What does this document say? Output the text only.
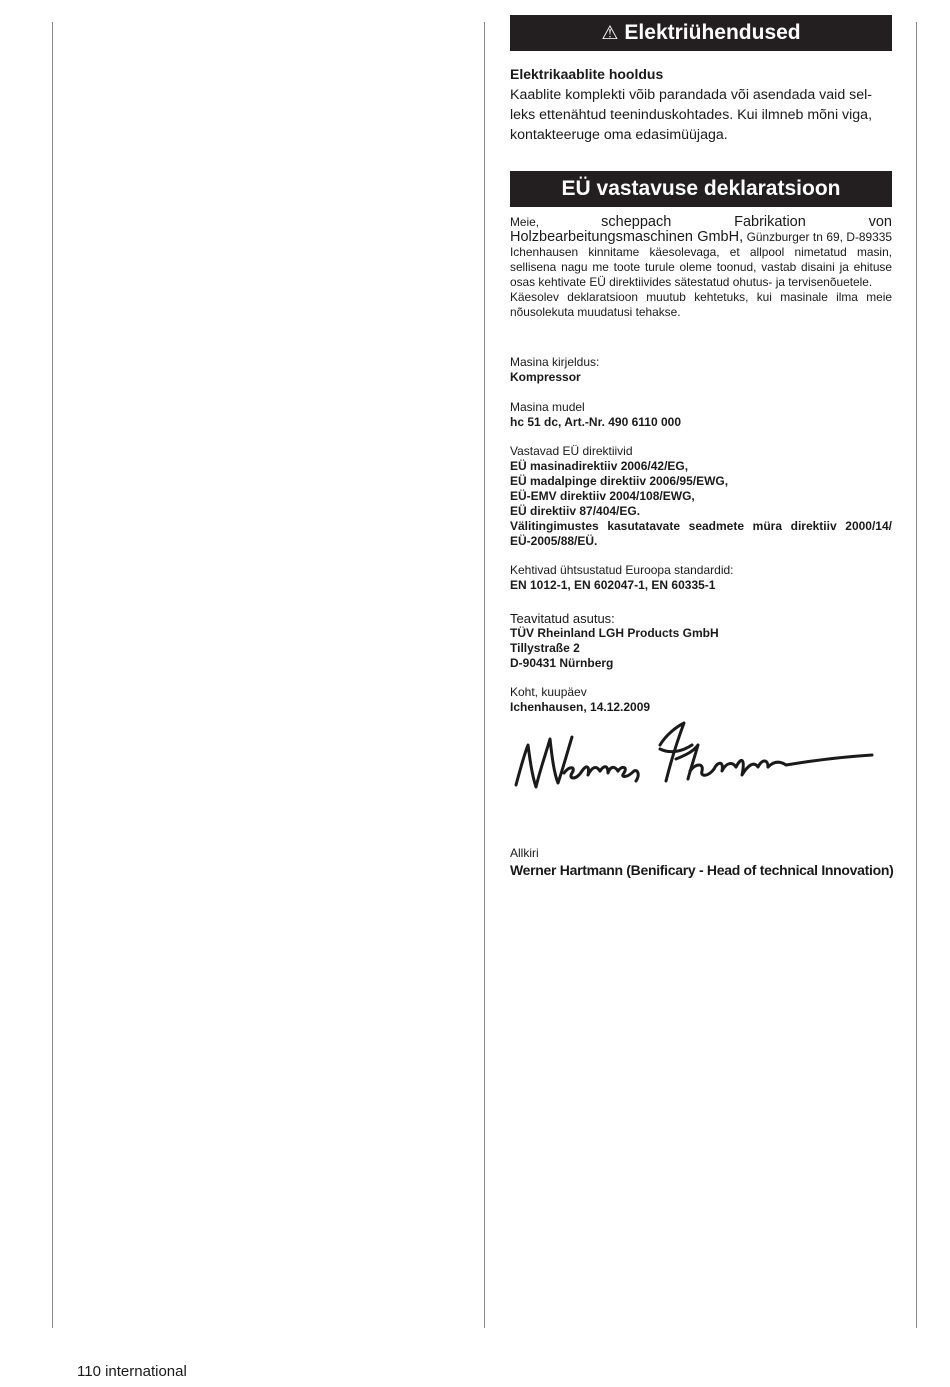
⚠ Elektriühendused
Elektrikaablite hooldus
Kaablite komplekti võib parandada või asendada vaid sel-leks ettenähtud teeninduskohtades. Kui ilmneb mõni viga, kontakteeruge oma edasimüüjaga.
EÜ vastavuse deklaratsioon

Meie,	scheppach Fabrikation von Holzbearbeitungsmaschinen GmbH, Günzburger tn 69, D-89335 Ichenhausen kinnitame käesolevaga, et allpool nimetatud masin, sellisena nagu me toote turule oleme toonud, vastab disaini ja ehituse osas kehtivate EÜ direktiivides sätestatud ohutus- ja tervisenõuetele.

Käesolev deklaratsioon muutub kehtetuks, kui masinale ilma meie nõusolekuta muudatusi tehakse.

Masina kirjeldus:
Kompressor
Masina mudel
hc 51 dc, Art.-Nr. 490 6110 000
Vastavad EÜ direktiivid
EÜ masinadirektiiv 2006/42/EG,
EÜ madalpinge direktiiv 2006/95/EWG,
EÜ-EMV direktiiv 2004/108/EWG,
EÜ direktiiv 87/404/EG.
Välitingimustes kasutatavate seadmete müra direktiiv 2000/14/ EÜ-2005/88/EÜ.
Kehtivad ühtsustatud Euroopa standardid:
EN 1012-1, EN 602047-1, EN 60335-1
Teavitatud asutus:
TÜV Rheinland LGH Products GmbH
Tillystraße 2
D-90431 Nürnberg
Koht, kuupäev
Ichenhausen, 14.12.2009
Allkiri
Werner Hartmann (Benificary - Head of technical Innovation)
110 international
